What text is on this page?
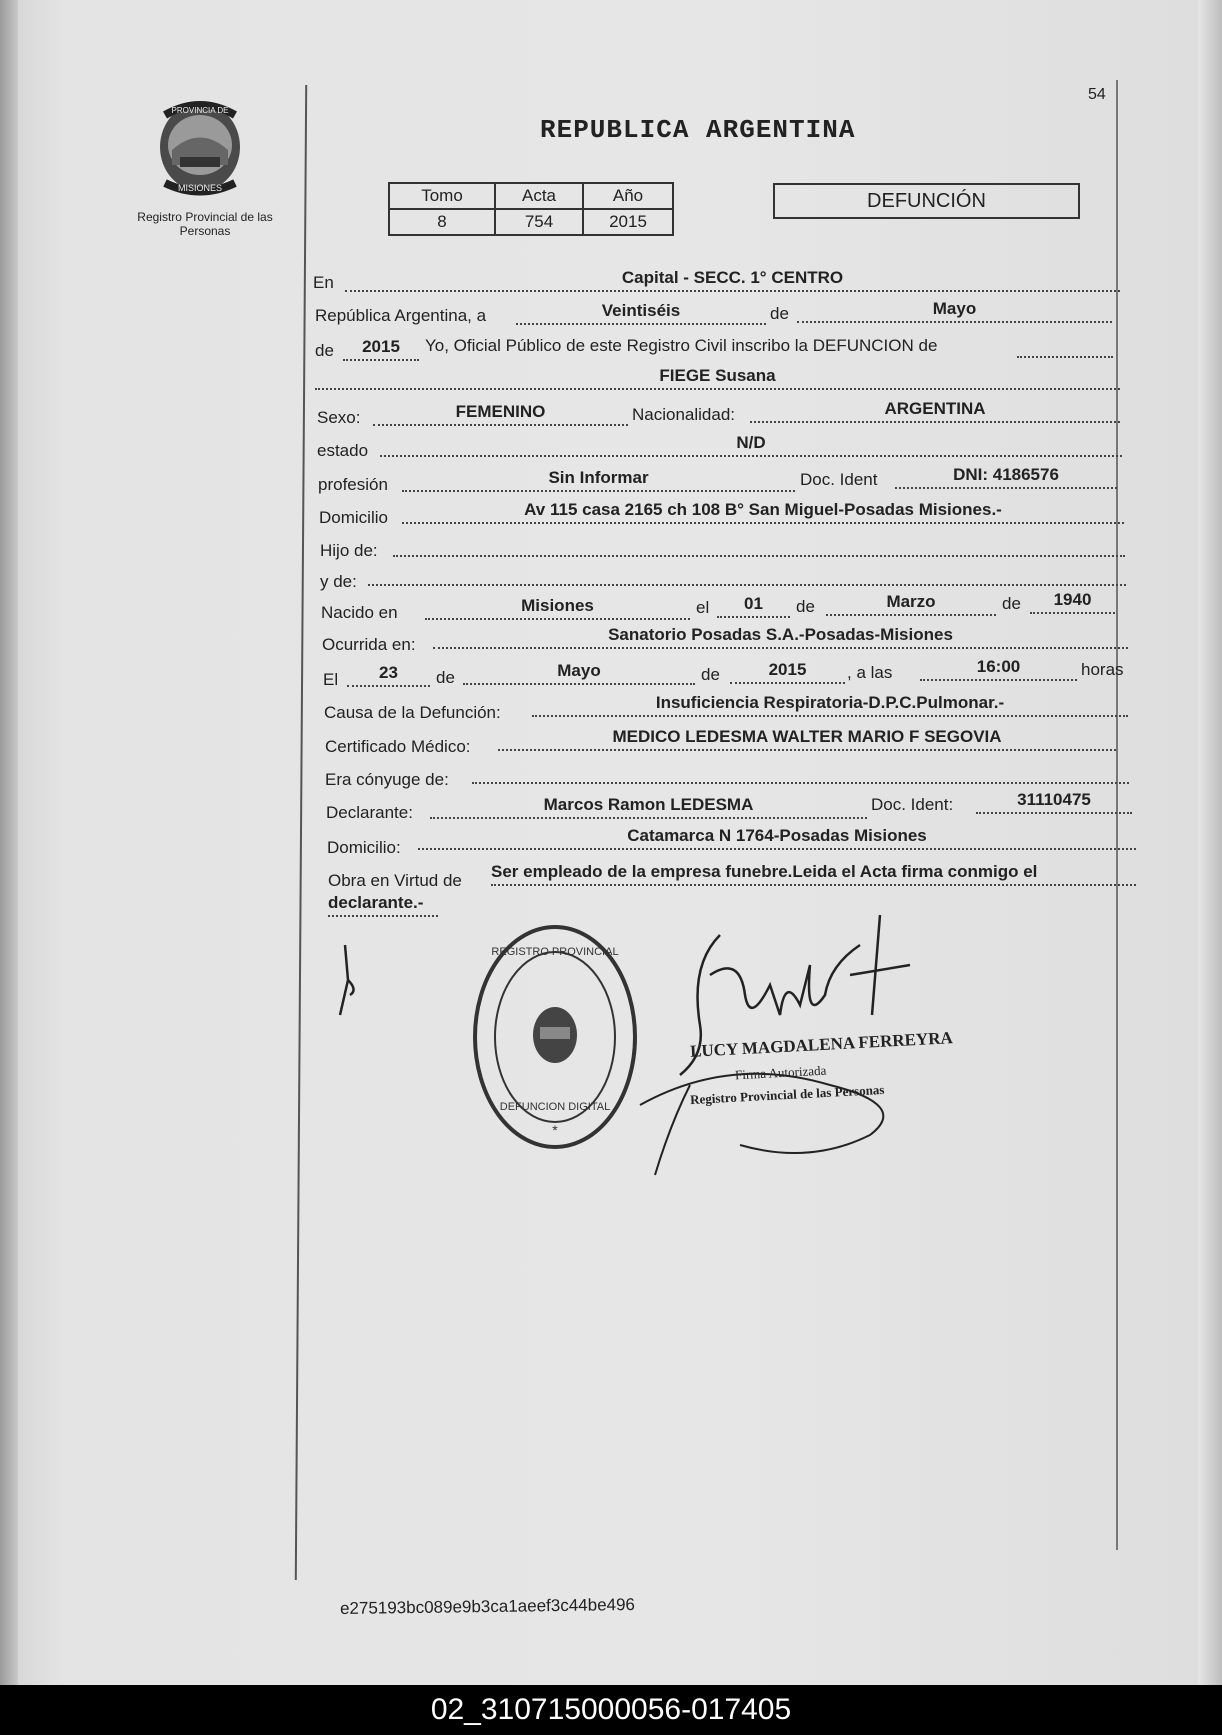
PROVINCIA DE
MISIONES
Registro Provincial de las Personas
54
REPUBLICA ARGENTINA
Tomo	Acta	Año
8	754	2015
DEFUNCIÓN
En	Capital - SECC. 1° CENTRO
República Argentina, a	Veintiséis	de	Mayo
de	2015	Yo, Oficial Público de este Registro Civil inscribo la DEFUNCION de
FIEGE Susana
Sexo:	FEMENINO	Nacionalidad:	ARGENTINA
estado	N/D
profesión	Sin Informar	Doc. Ident	DNI: 4186576
Domicilio	Av 115 casa 2165 ch 108 B° San Miguel-Posadas Misiones.-
Hijo de:
y de:
Nacido en	Misiones	el	01	de	Marzo	de	1940
Ocurrida en:
Sanatorio Posadas S.A.-Posadas-Misiones
El	23	de	Mayo	de	2015	, a las	16:00	horas
Causa de la Defunción:
Insuficiencia Respiratoria-D.P.C.Pulmonar.-
Certificado Médico:
MEDICO LEDESMA WALTER MARIO F SEGOVIA
Era cónyuge de:
Declarante:	Marcos Ramon LEDESMA	Doc. Ident:	31110475
Domicilio:
Catamarca N 1764-Posadas Misiones
Obra en Virtud de Ser empleado de la empresa funebre.Leida el Acta firma conmigo el
declarante.-
REGISTRO PROVINCIAL
DEFUNCION DIGITAL
*
LUCY MAGDALENA FERREYRA
Firma Autorizada
Registro Provincial de las Personas
e275193bc089e9b3ca1aeef3c44be496
02_310715000056-017405
